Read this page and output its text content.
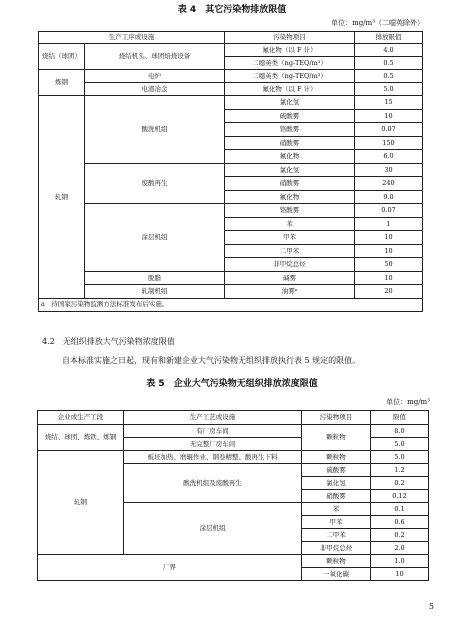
表 4　其它污染物排放限值
单位：mg/m³（二噁英除外）
生产工序或设施		污染物项目	排放限值
烧结（球团）	烧结机头、球团焙烧设备	氟化物（以 F 计）	4.0
		二噁英类（ng-TEQ/m³）	0.5
炼钢	电炉	二噁英类（ng-TEQ/m³）	0.5
	电渣冶金	氟化物（以 F 计）	5.0
轧钢	酸洗机组	氯化氢	15
		硫酸雾	10
		铬酸雾	0.07
		硝酸雾	150
		氟化物	6.0
	废酸再生	氯化氢	30
		硝酸雾	240
		氟化物	9.0
	涂层机组	铬酸雾	0.07
		苯	1
		甲苯	10
		二甲苯	10
		非甲烷总烃	50
	脱脂	碱雾	10
	轧制机组	油雾ᵃ	20
a　待国家污染物监测方法标准发布后实施。			
4.2　无组织排放大气污染物浓度限值
自本标准实施之日起，现有和新建企业大气污染物无组织排放执行表 5 规定的限值。
表 5　企业大气污染物无组织排放浓度限值
单位：mg/m³
企业或生产工段	生产工艺或设施	污染物项目	限值
烧结、球团、炼铁、炼钢	有厂房车间	颗粒物	8.0
	无完整厂房车间		5.0
轧钢	板坯加热、磨辊作业、钢卷精整、酸再生下料	颗粒物	5.0
	酸洗机组及废酸再生	硫酸雾	1.2
		氯化氢	0.2
		硝酸雾	0.12
	涂层机组	苯	0.1
		甲苯	0.6
		二甲苯	0.2
		非甲烷总烃	2.0
厂界		颗粒物	1.0
		一氧化碳	10
5
